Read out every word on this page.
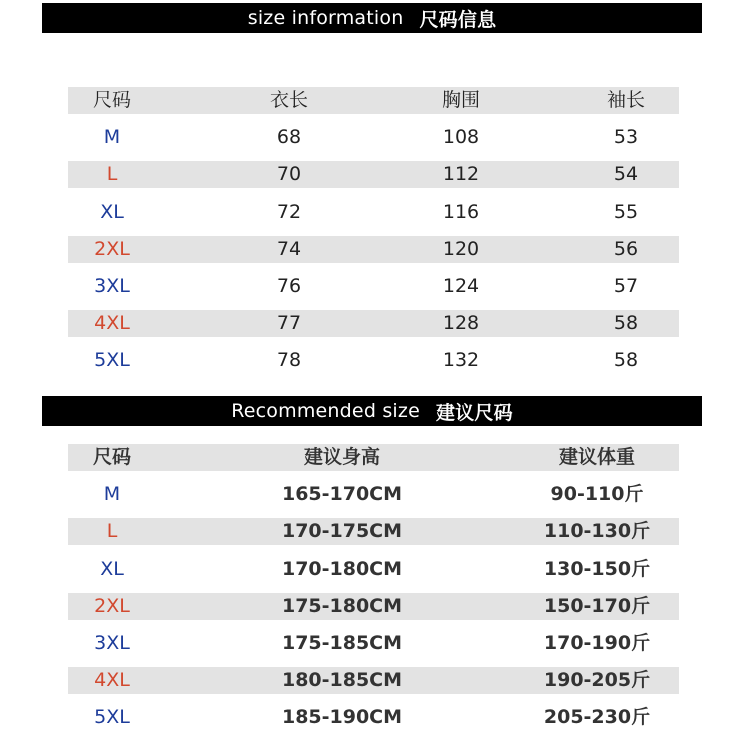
size information 尺码信息
尺码	衣长	胸围	袖长
M	68	108	53
L	70	112	54
XL	72	116	55
2XL	74	120	56
3XL	76	124	57
4XL	77	128	58
5XL	78	132	58
Recommended size 建议尺码
尺码	建议身高	建议体重
M	165-170CM	90-110斤
L	170-175CM	110-130斤
XL	170-180CM	130-150斤
2XL	175-180CM	150-170斤
3XL	175-185CM	170-190斤
4XL	180-185CM	190-205斤
5XL	185-190CM	205-230斤
